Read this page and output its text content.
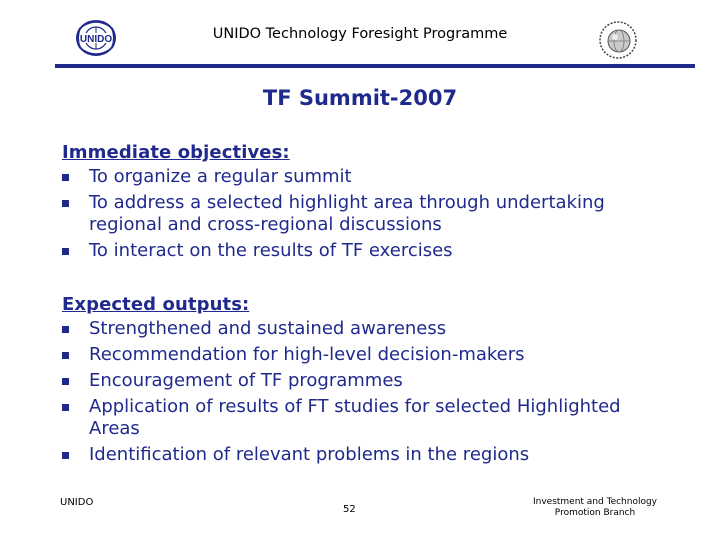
UNIDO	UNIDO Technology Foresight Programme
TF Summit-2007
Immediate objectives:
To organize a regular summit
To address a selected highlight area through undertaking regional and cross-regional discussions
To interact on the results of TF exercises
Expected outputs:
Strengthened and sustained awareness
Recommendation for high-level decision-makers
Encouragement of TF programmes
Application of results of FT studies for selected Highlighted Areas
Identification of relevant problems in the regions
UNIDO
52
Investment and Technology Promotion Branch
